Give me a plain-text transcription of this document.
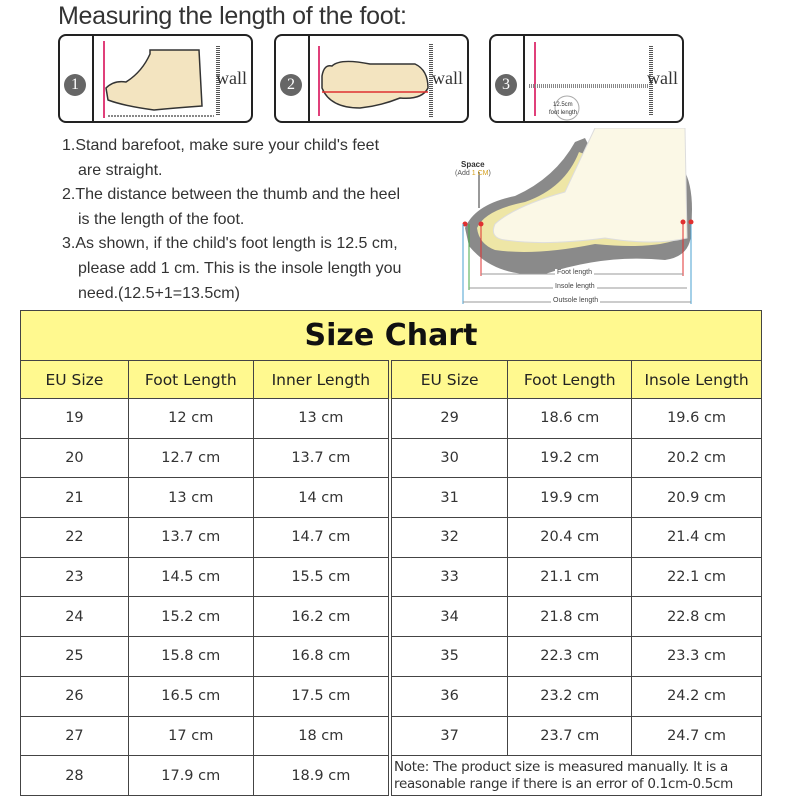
Measuring the length of the foot:
1	wall	2	wall	3
12.5cm
foot length
wall
1.Stand barefoot, make sure your child's feet
are straight.
2.The distance between the thumb and the heel
is the length of the foot.
3.As shown, if the child's foot length is 12.5 cm,
please add 1 cm. This is the insole length you
need.(12.5+1=13.5cm)
Space
(Add 1 CM)
Foot length
Insole length
Outsole length
Size Chart					
EU Size	Foot Length	Inner Length	EU Size	Foot Length	Insole Length
19	12 cm	13 cm	29	18.6 cm	19.6 cm
20	12.7 cm	13.7 cm	30	19.2 cm	20.2 cm
21	13 cm	14 cm	31	19.9 cm	20.9 cm
22	13.7 cm	14.7 cm	32	20.4 cm	21.4 cm
23	14.5 cm	15.5 cm	33	21.1 cm	22.1 cm
24	15.2 cm	16.2 cm	34	21.8 cm	22.8 cm
25	15.8 cm	16.8 cm	35	22.3 cm	23.3 cm
26	16.5 cm	17.5 cm	36	23.2 cm	24.2 cm
27	17 cm	18 cm	37	23.7 cm	24.7 cm
28	17.9 cm	18.9 cm	Note: The product size is measured manually. It is a reasonable range if there is an error of 0.1cm-0.5cm		
